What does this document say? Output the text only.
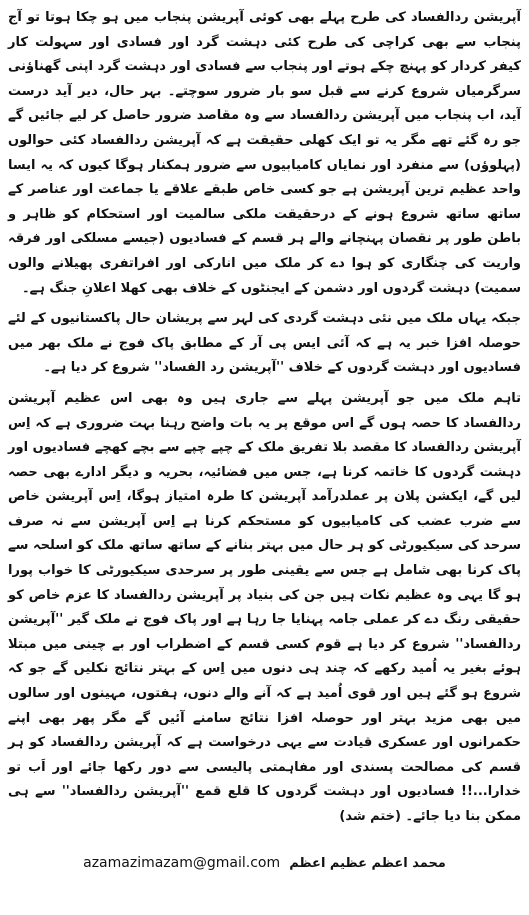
آپریشن ردالفساد کی طرح پہلے بھی کوئی آپریشن پنجاب میں ہو چکا ہوتا تو آج پنجاب سے بھی کراچی کی طرح کئی دہشت گرد اور فسادی اور سہولت کار کیفر کردار کو پہنچ چکے ہوتے اور پنجاب سے فسادی اور دہشت گرد اپنی گھناؤنی سرگرمیاں شروع کرنے سے قبل سو بار ضرور سوچتے۔ بہر حال، دیر آید درست آید، اب پنجاب میں آپریشن ردالفساد سے وہ مقاصد ضرور حاصل کر لیے جائیں گے جو رہ گئے تھے مگر یہ تو ایک کھلی حقیقت ہے کہ آپریشن ردالفساد کئی حوالوں (پہلوؤں) سے منفرد اور نمایاں کامیابیوں سے ضرور ہمکنار ہوگا کیوں کہ یہ ایسا واحد عظیم ترین آپریشن ہے جو کسی خاص طبقے علاقے یا جماعت اور عناصر کے ساتھ ساتھ شروع ہونے کے درحقیقت ملکی سالمیت اور استحکام کو ظاہر و باطن طور پر نقصان پہنچانے والے ہر قسم کے فسادیوں (جیسے مسلکی اور فرقہ واریت کی چنگاری کو ہوا دے کر ملک میں انارکی اور افراتفری پھیلانے والوں سمیت) دہشت گردوں اور دشمن کے ایجنٹوں کے خلاف بھی کھلا اعلانِ جنگ ہے۔

جبکہ یہاں ملک میں نئی دہشت گردی کی لہر سے پریشان حال پاکستانیوں کے لئے حوصلہ افزا خبر یہ ہے کہ آئی ایس پی آر کے مطابق پاک فوج نے ملک بھر میں فسادیوں اور دہشت گردوں کے خلاف ''آپریشن رد الفساد'' شروع کر دیا ہے۔

تاہم ملک میں جو آپریشن پہلے سے جاری ہیں وہ بھی اس عظیم آپریشن ردالفساد کا حصہ ہوں گے اس موقع پر یہ بات واضح رہنا بہت ضروری ہے کہ اِس آپریشن ردالفساد کا مقصد بلا تفریق ملک کے چپے چپے سے بچے کھچے فسادیوں اور دہشت گردوں کا خاتمہ کرنا ہے، جس میں فضائیہ، بحریہ و دیگر ادارے بھی حصہ لیں گے، ایکشن پلان پر عملدرآمد آپریشن کا طرہ امتیاز ہوگا، اِس آپریشن خاص سے ضرب عضب کی کامیابیوں کو مستحکم کرنا ہے اِس آپریشن سے نہ صرف سرحد کی سیکیورٹی کو ہر حال میں بہتر بنانے کے ساتھ ساتھ ملک کو اسلحہ سے پاک کرنا بھی شامل ہے جس سے یقینی طور پر سرحدی سیکیورٹی کا خواب پورا ہو گا یہی وہ عظیم نکات ہیں جن کی بنیاد پر آپریشن ردالفساد کا عزم خاص کو حقیقی رنگ دے کر عملی جامہ پہنایا جا رہا ہے اور پاک فوج نے ملک گیر ''آپریشن ردالفساد'' شروع کر دیا ہے قوم کسی قسم کے اضطراب اور بے چینی میں مبتلا ہوئے بغیر یہ اُمید رکھے کہ چند ہی دنوں میں اِس کے بہتر نتائج نکلیں گے جو کہ شروع ہو گئے ہیں اور قوی اُمید ہے کہ آنے والے دنوں، ہفتوں، مہینوں اور سالوں میں بھی مزید بہتر اور حوصلہ افزا نتائج سامنے آئیں گے مگر پھر بھی اپنے حکمرانوں اور عسکری قیادت سے یہی درخواست ہے کہ آپریشن ردالفساد کو ہر قسم کی مصالحت پسندی اور مفاہمتی پالیسی سے دور رکھا جائے اور اَب تو خدارا...!! فسادیوں اور دہشت گردوں کا قلع قمع ''آپریشن ردالفساد'' سے ہی ممکن بنا دیا جائے۔ (ختم شد)

azamazimazam@gmail.com محمد اعظم عظیم اعظم
